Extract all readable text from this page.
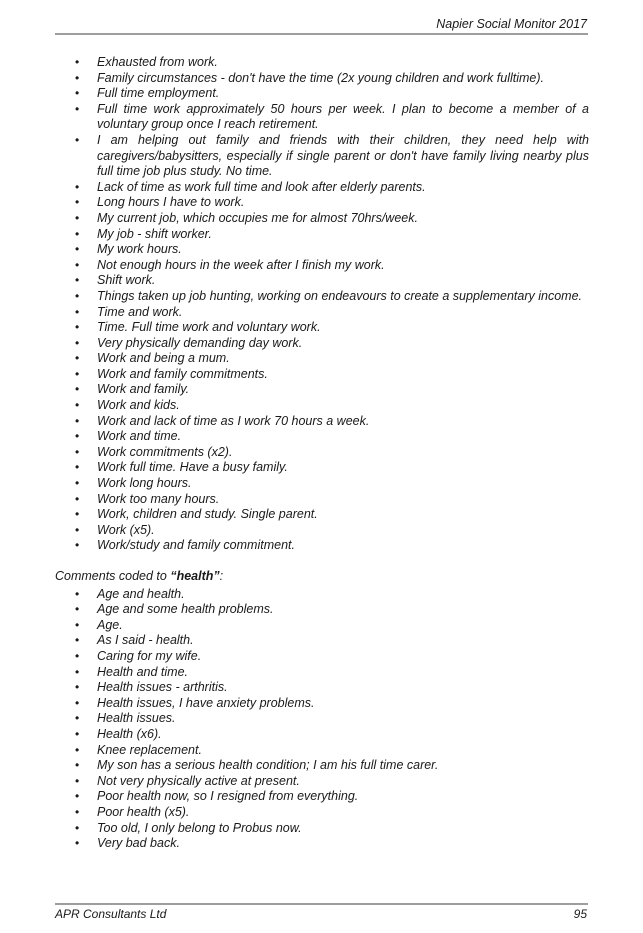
Napier Social Monitor 2017
• Exhausted from work.
• Family circumstances - don't have the time (2x young children and work fulltime).
• Full time employment.
• Full time work approximately 50 hours per week. I plan to become a member of a voluntary group once I reach retirement.
• I am helping out family and friends with their children, they need help with caregivers/babysitters, especially if single parent or don't have family living nearby plus full time job plus study. No time.
• Lack of time as work full time and look after elderly parents.
• Long hours I have to work.
• My current job, which occupies me for almost 70hrs/week.
• My job - shift worker.
• My work hours.
• Not enough hours in the week after I finish my work.
• Shift work.
• Things taken up job hunting, working on endeavours to create a supplementary income.
• Time and work.
• Time. Full time work and voluntary work.
• Very physically demanding day work.
• Work and being a mum.
• Work and family commitments.
• Work and family.
• Work and kids.
• Work and lack of time as I work 70 hours a week.
• Work and time.
• Work commitments (x2).
• Work full time. Have a busy family.
• Work long hours.
• Work too many hours.
• Work, children and study. Single parent.
• Work (x5).
• Work/study and family commitment.
Comments coded to “health”:
• Age and health.
• Age and some health problems.
• Age.
• As I said - health.
• Caring for my wife.
• Health and time.
• Health issues - arthritis.
• Health issues, I have anxiety problems.
• Health issues.
• Health (x6).
• Knee replacement.
• My son has a serious health condition; I am his full time carer.
• Not very physically active at present.
• Poor health now, so I resigned from everything.
• Poor health (x5).
• Too old, I only belong to Probus now.
• Very bad back.
APR Consultants Ltd	95
